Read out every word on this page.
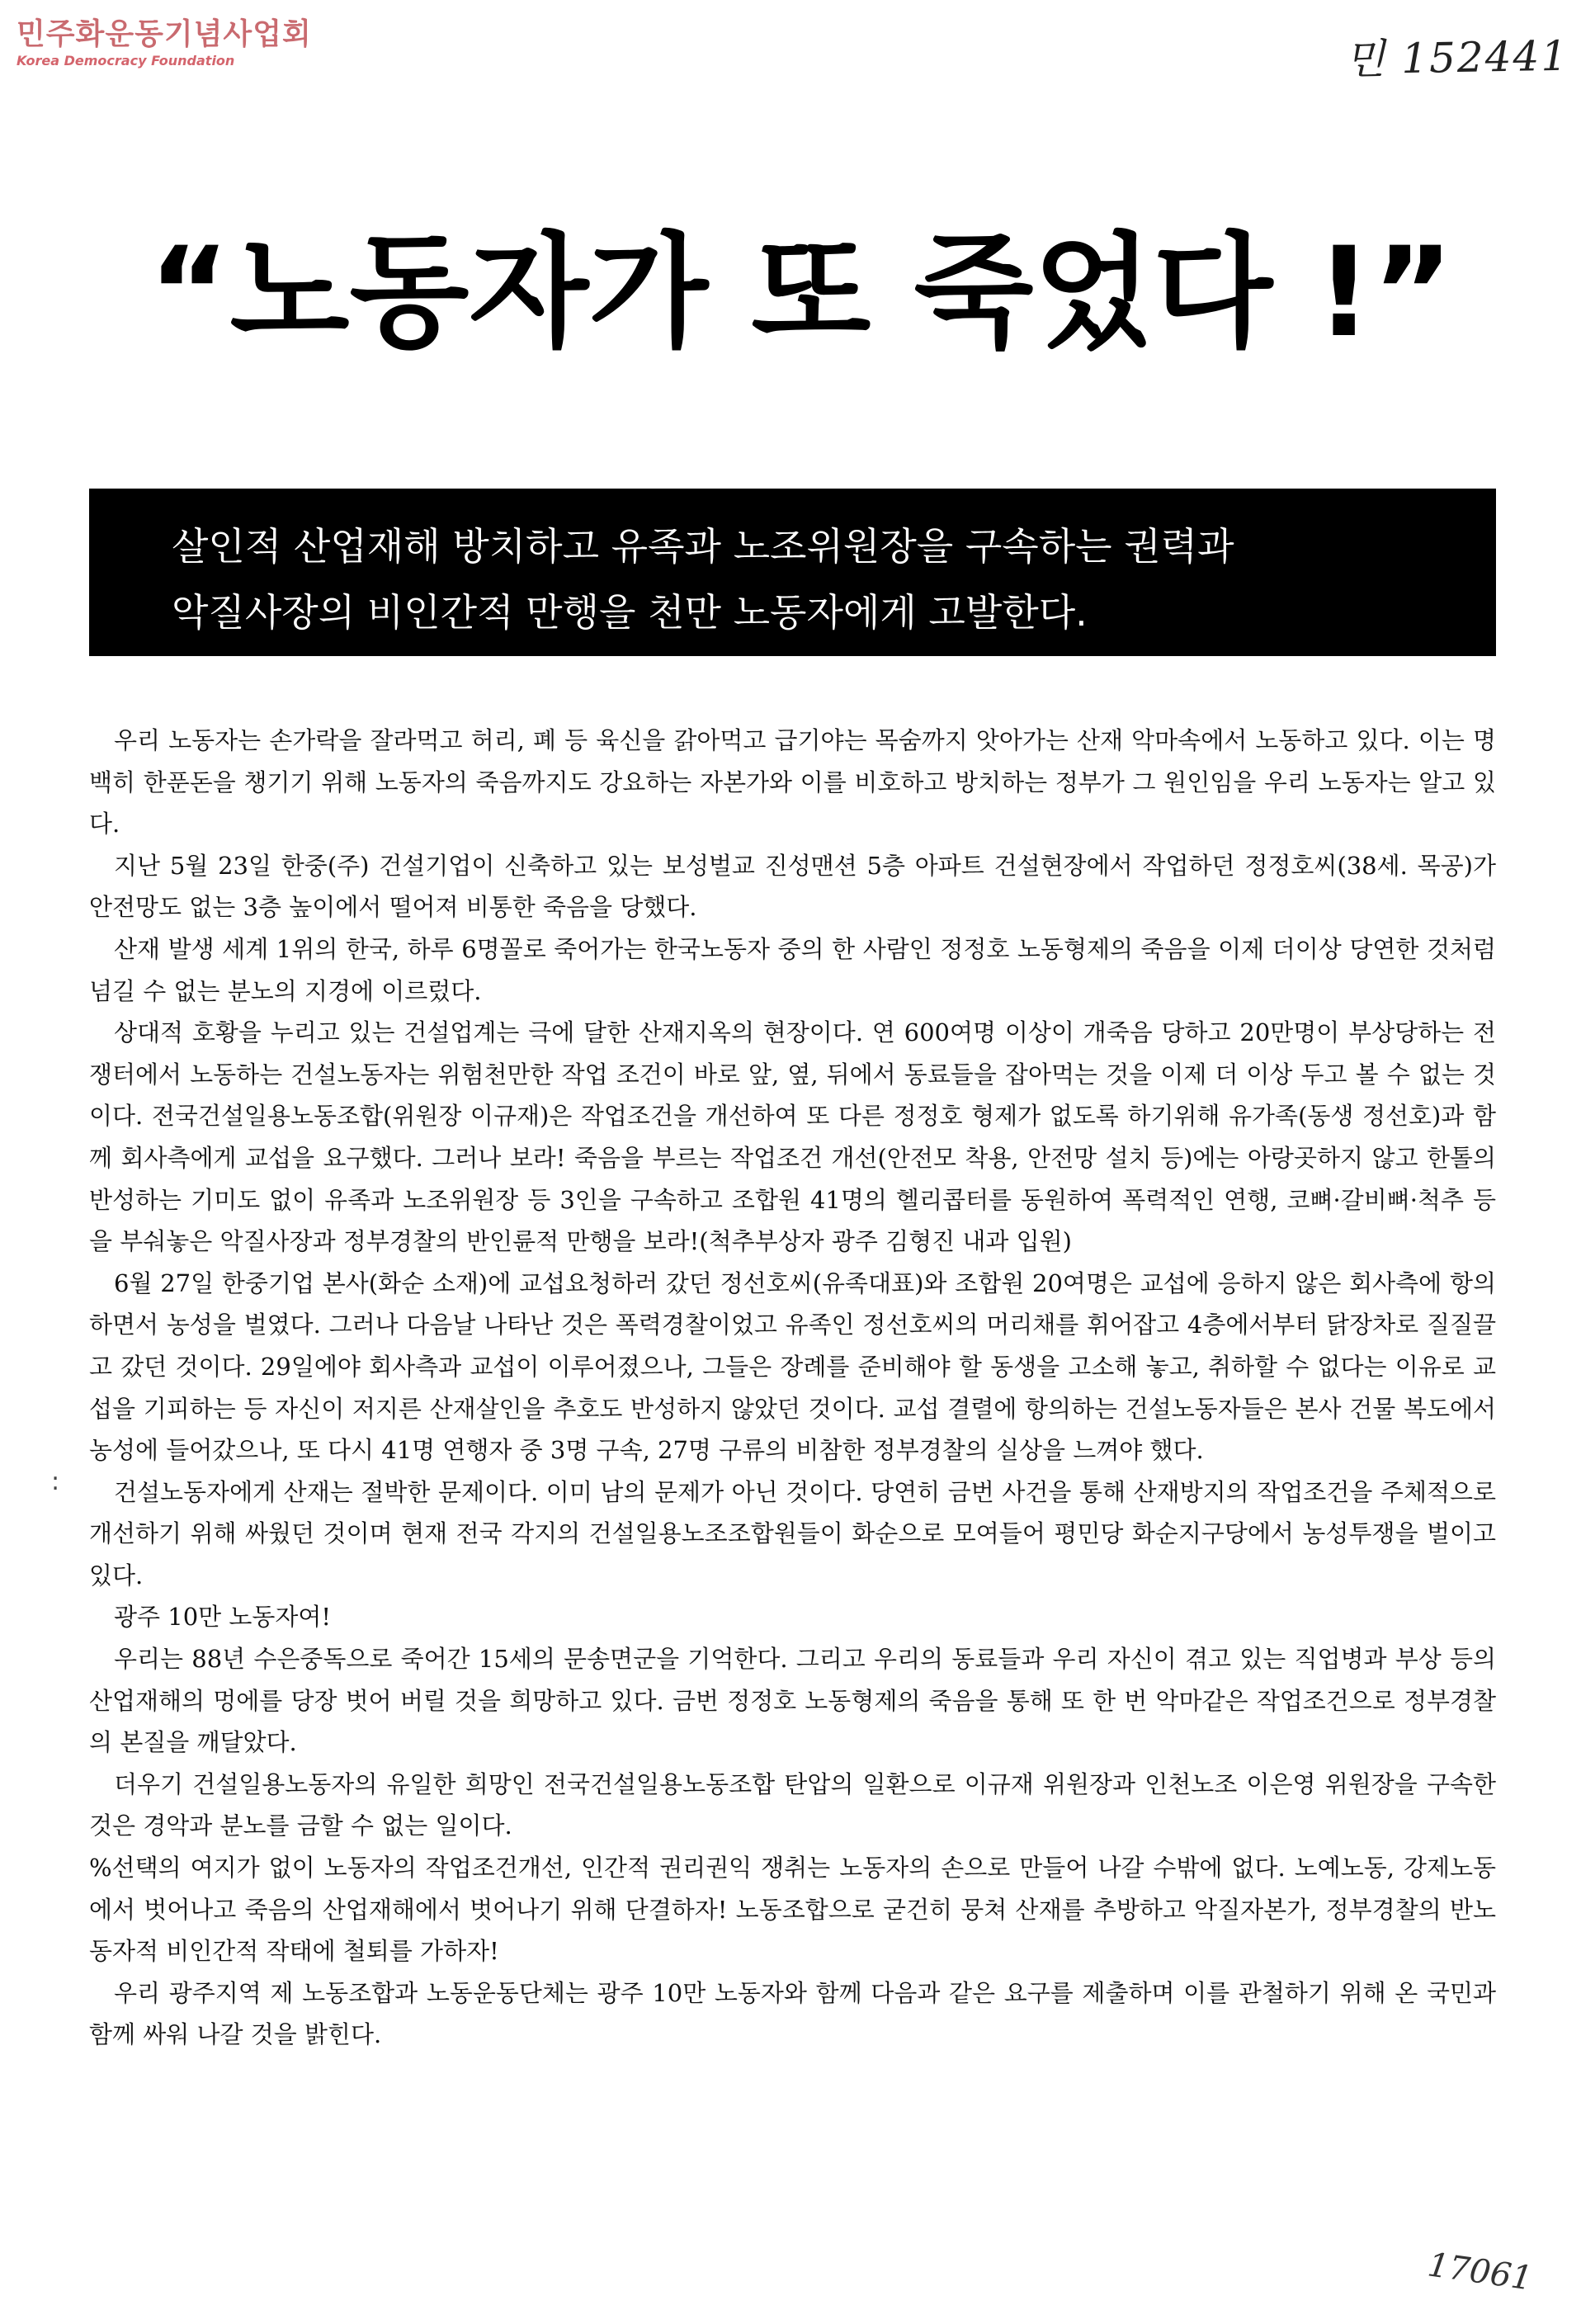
민주화운동기념사업회
Korea Democracy Foundation	민 152441
“노동자가 또 죽었다 !”
살인적 산업재해 방치하고 유족과 노조위원장을 구속하는 권력과
악질사장의 비인간적 만행을 천만 노동자에게 고발한다.

우리 노동자는 손가락을 잘라먹고 허리, 폐 등 육신을 갉아먹고 급기야는 목숨까지 앗아가는 산재 악마속에서 노동하고 있다. 이는 명백히 한푼돈을 챙기기 위해 노동자의 죽음까지도 강요하는 자본가와 이를 비호하고 방치하는 정부가 그 원인임을 우리 노동자는 알고 있다.

지난 5월 23일 한중(주) 건설기업이 신축하고 있는 보성벌교 진성맨션 5층 아파트 건설현장에서 작업하던 정정호씨(38세. 목공)가 안전망도 없는 3층 높이에서 떨어져 비통한 죽음을 당했다.

산재 발생 세계 1위의 한국, 하루 6명꼴로 죽어가는 한국노동자 중의 한 사람인 정정호 노동형제의 죽음을 이제 더이상 당연한 것처럼 넘길 수 없는 분노의 지경에 이르렀다.

상대적 호황을 누리고 있는 건설업계는 극에 달한 산재지옥의 현장이다. 연 600여명 이상이 개죽음 당하고 20만명이 부상당하는 전쟁터에서 노동하는 건설노동자는 위험천만한 작업 조건이 바로 앞, 옆, 뒤에서 동료들을 잡아먹는 것을 이제 더 이상 두고 볼 수 없는 것이다. 전국건설일용노동조합(위원장 이규재)은 작업조건을 개선하여 또 다른 정정호 형제가 없도록 하기위해 유가족(동생 정선호)과 함께 회사측에게 교섭을 요구했다. 그러나 보라! 죽음을 부르는 작업조건 개선(안전모 착용, 안전망 설치 등)에는 아랑곳하지 않고 한톨의 반성하는 기미도 없이 유족과 노조위원장 등 3인을 구속하고 조합원 41명의 헬리콥터를 동원하여 폭력적인 연행, 코뼈·갈비뼈·척추 등을 부숴놓은 악질사장과 정부경찰의 반인륜적 만행을 보라!(척추부상자 광주 김형진 내과 입원)

6월 27일 한중기업 본사(화순 소재)에 교섭요청하러 갔던 정선호씨(유족대표)와 조합원 20여명은 교섭에 응하지 않은 회사측에 항의하면서 농성을 벌였다. 그러나 다음날 나타난 것은 폭력경찰이었고 유족인 정선호씨의 머리채를 휘어잡고 4층에서부터 닭장차로 질질끌고 갔던 것이다. 29일에야 회사측과 교섭이 이루어졌으나, 그들은 장례를 준비해야 할 동생을 고소해 놓고, 취하할 수 없다는 이유로 교섭을 기피하는 등 자신이 저지른 산재살인을 추호도 반성하지 않았던 것이다. 교섭 결렬에 항의하는 건설노동자들은 본사 건물 복도에서 농성에 들어갔으나, 또 다시 41명 연행자 중 3명 구속, 27명 구류의 비참한 정부경찰의 실상을 느껴야 했다.

건설노동자에게 산재는 절박한 문제이다. 이미 남의 문제가 아닌 것이다. 당연히 금번 사건을 통해 산재방지의 작업조건을 주체적으로 개선하기 위해 싸웠던 것이며 현재 전국 각지의 건설일용노조조합원들이 화순으로 모여들어 평민당 화순지구당에서 농성투쟁을 벌이고 있다.

광주 10만 노동자여!

우리는 88년 수은중독으로 죽어간 15세의 문송면군을 기억한다. 그리고 우리의 동료들과 우리 자신이 겪고 있는 직업병과 부상 등의 산업재해의 멍에를 당장 벗어 버릴 것을 희망하고 있다. 금번 정정호 노동형제의 죽음을 통해 또 한 번 악마같은 작업조건으로 정부경찰의 본질을 깨달았다.

더우기 건설일용노동자의 유일한 희망인 전국건설일용노동조합 탄압의 일환으로 이규재 위원장과 인천노조 이은영 위원장을 구속한 것은 경악과 분노를 금할 수 없는 일이다.

%선택의 여지가 없이 노동자의 작업조건개선, 인간적 권리권익 쟁취는 노동자의 손으로 만들어 나갈 수밖에 없다. 노예노동, 강제노동에서 벗어나고 죽음의 산업재해에서 벗어나기 위해 단결하자! 노동조합으로 굳건히 뭉쳐 산재를 추방하고 악질자본가, 정부경찰의 반노동자적 비인간적 작태에 철퇴를 가하자!

우리 광주지역 제 노동조합과 노동운동단체는 광주 10만 노동자와 함께 다음과 같은 요구를 제출하며 이를 관철하기 위해 온 국민과 함께 싸워 나갈 것을 밝힌다.

:
17061
